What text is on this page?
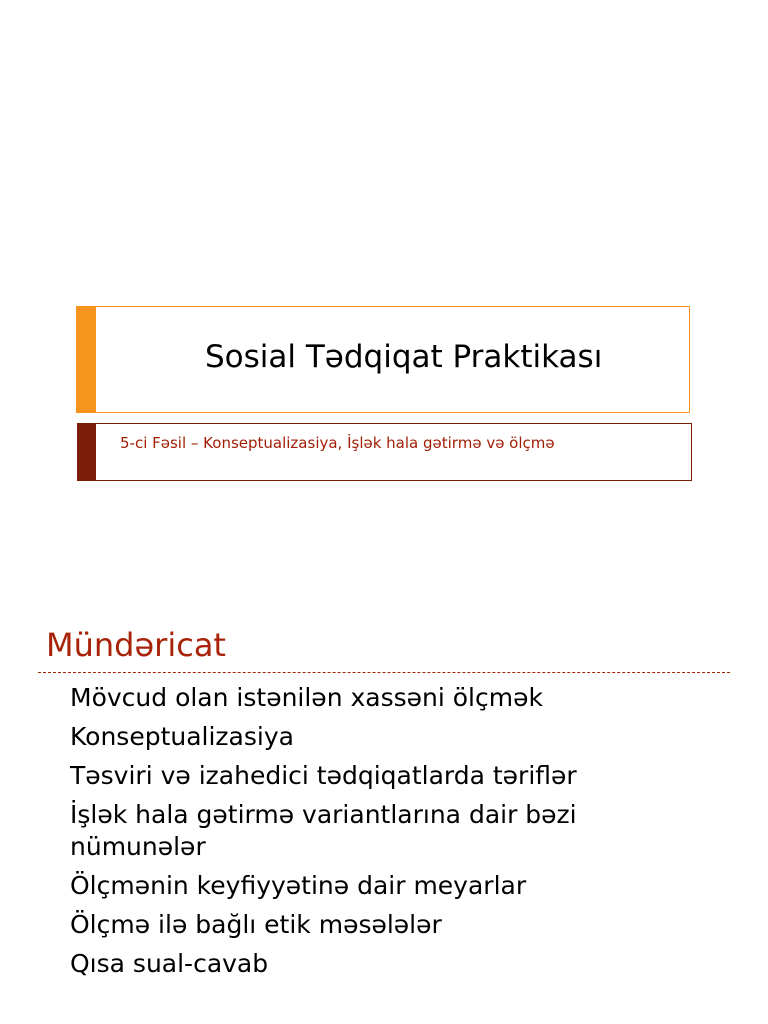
Sosial Tədqiqat Praktikası
5-ci Fəsil – Konseptualizasiya, İşlək hala gətirmə və ölçmə
Mündəricat
Mövcud olan istənilən xassəni ölçmək
Konseptualizasiya
Təsviri və izahedici tədqiqatlarda təriflər
İşlək hala gətirmə variantlarına dair bəzi nümunələr
Ölçmənin keyfiyyətinə dair meyarlar
Ölçmə ilə bağlı etik məsələlər
Qısa sual-cavab
